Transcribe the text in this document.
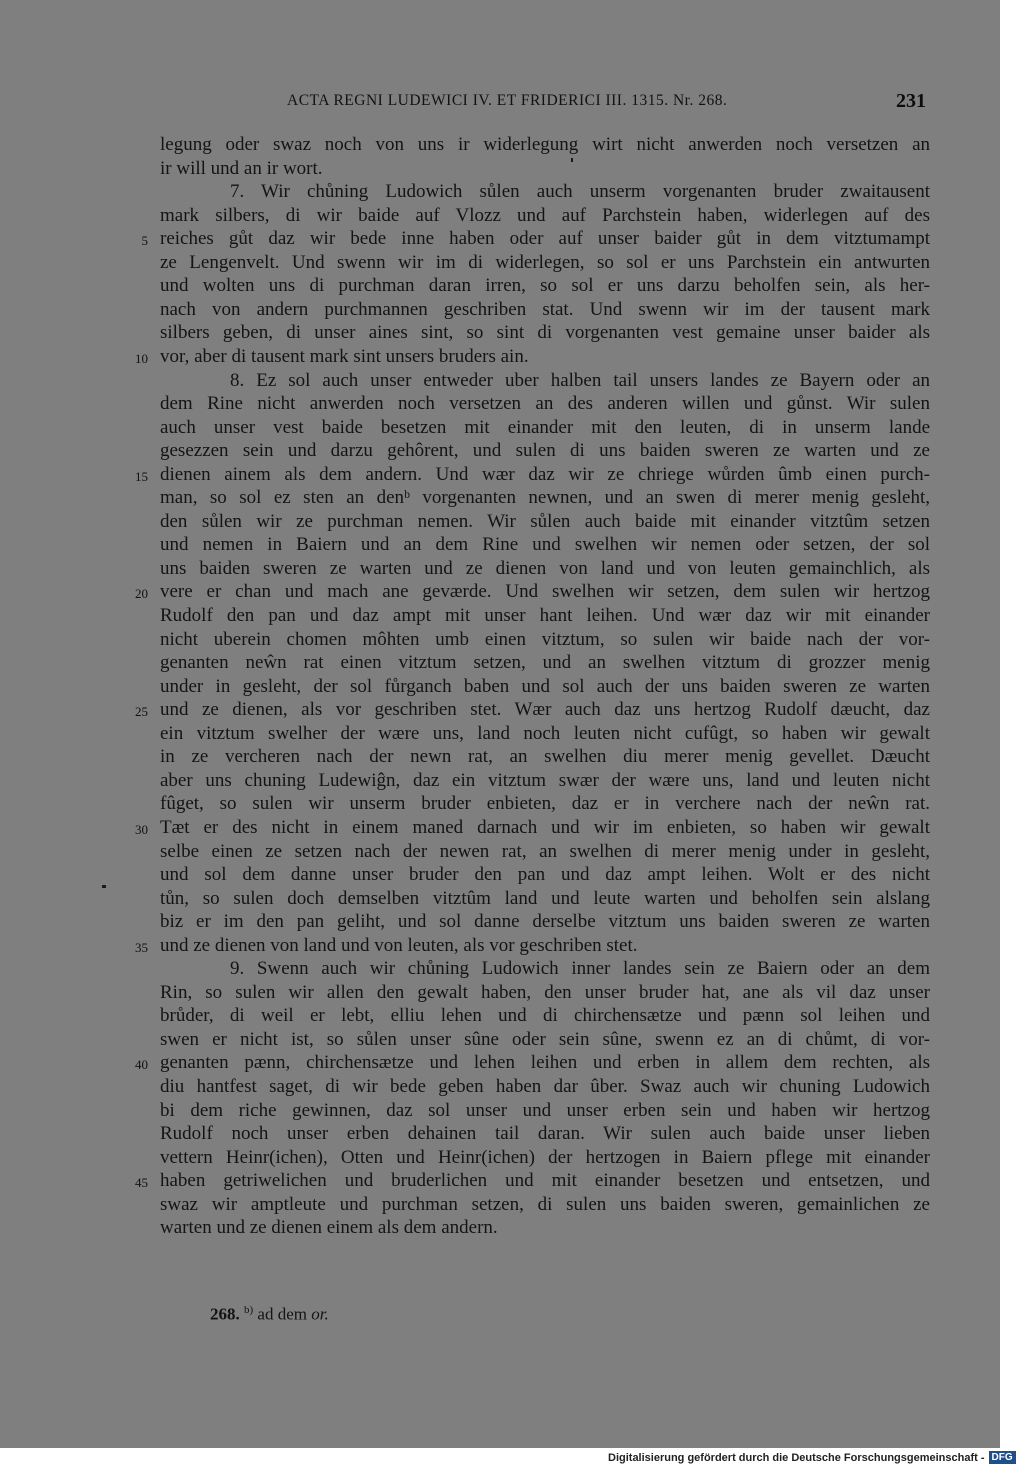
ACTA REGNI LUDEWICI IV. ET FRIDERICI III. 1315. Nr. 268.	231
legung oder swaz noch von uns ir widerlegung wirt nicht anwerden noch versetzen an
ir will und an ir wort.
7. Wir chůning Ludowich sůlen auch unserm vorgenanten bruder zwaitausent
mark silbers, di wir baide auf Vlozz und auf Parchstein haben, widerlegen auf des
reiches gůt daz wir bede inne haben oder auf unser baider gůt in dem vitztumampt
ze Lengenvelt. Und swenn wir im di widerlegen, so sol er uns Parchstein ein antwurten
und wolten uns di purchman daran irren, so sol er uns darzu beholfen sein, als her-
nach von andern purchmannen geschriben stat. Und swenn wir im der tausent mark
silbers geben, di unser aines sint, so sint di vorgenanten vest gemaine unser baider als
vor, aber di tausent mark sint unsers bruders ain.
8. Ez sol auch unser entweder uber halben tail unsers landes ze Bayern oder an
dem Rine nicht anwerden noch versetzen an des anderen willen und gůnst. Wir sulen
auch unser vest baide besetzen mit einander mit den leuten, di in unserm lande
gesezzen sein und darzu gehôrent, und sulen di uns baiden sweren ze warten und ze
dienen ainem als dem andern. Und wær daz wir ze chriege wůrden ûmb einen purch-
man, so sol ez sten an denᵇ vorgenanten newnen, und an swen di merer menig gesleht,
den sůlen wir ze purchman nemen. Wir sůlen auch baide mit einander vitztûm setzen
und nemen in Baiern und an dem Rine und swelhen wir nemen oder setzen, der sol
uns baiden sweren ze warten und ze dienen von land und von leuten gemainchlich, als
vere er chan und mach ane geværde. Und swelhen wir setzen, dem sulen wir hertzog
Rudolf den pan und daz ampt mit unser hant leihen. Und wær daz wir mit einander
nicht uberein chomen môhten umb einen vitztum, so sulen wir baide nach der vor-
genanten neŵn rat einen vitztum setzen, und an swelhen vitztum di grozzer menig
under in gesleht, der sol fůrganch baben und sol auch der uns baiden sweren ze warten
und ze dienen, als vor geschriben stet. Wær auch daz uns hertzog Rudolf dæucht, daz
ein vitztum swelher der wære uns, land noch leuten nicht cufûgt, so haben wir gewalt
in ze vercheren nach der newn rat, an swelhen diu merer menig gevellet. Dæucht
aber uns chuning Ludewiĝn, daz ein vitztum swær der wære uns, land und leuten nicht
fûget, so sulen wir unserm bruder enbieten, daz er in verchere nach der neŵn rat.
Tæt er des nicht in einem maned darnach und wir im enbieten, so haben wir gewalt
selbe einen ze setzen nach der newen rat, an swelhen di merer menig under in gesleht,
und sol dem danne unser bruder den pan und daz ampt leihen. Wolt er des nicht
tůn, so sulen doch demselben vitztûm land und leute warten und beholfen sein alslang
biz er im den pan geliht, und sol danne derselbe vitztum uns baiden sweren ze warten
und ze dienen von land und von leuten, als vor geschriben stet.
9. Swenn auch wir chůning Ludowich inner landes sein ze Baiern oder an dem
Rin, so sulen wir allen den gewalt haben, den unser bruder hat, ane als vil daz unser
brůder, di weil er lebt, elliu lehen und di chirchensætze und pænn sol leihen und
swen er nicht ist, so sůlen unser sûne oder sein sûne, swenn ez an di chůmt, di vor-
genanten pænn, chirchensætze und lehen leihen und erben in allem dem rechten, als
diu hantfest saget, di wir bede geben haben dar ûber. Swaz auch wir chuning Ludowich
bi dem riche gewinnen, daz sol unser und unser erben sein und haben wir hertzog
Rudolf noch unser erben dehainen tail daran. Wir sulen auch baide unser lieben
vettern Heinr(ichen), Otten und Heinr(ichen) der hertzogen in Baiern pflege mit einander
haben getriwelichen und bruderlichen und mit einander besetzen und entsetzen, und
swaz wir amptleute und purchman setzen, di sulen uns baiden sweren, gemainlichen ze
warten und ze dienen einem als dem andern.
5
10
15
20
25
30
35
40
45
268. $^{b)}$ ad dem or.
Digitalisierung gefördert durch die Deutsche Forschungsgemeinschaft - DFG
